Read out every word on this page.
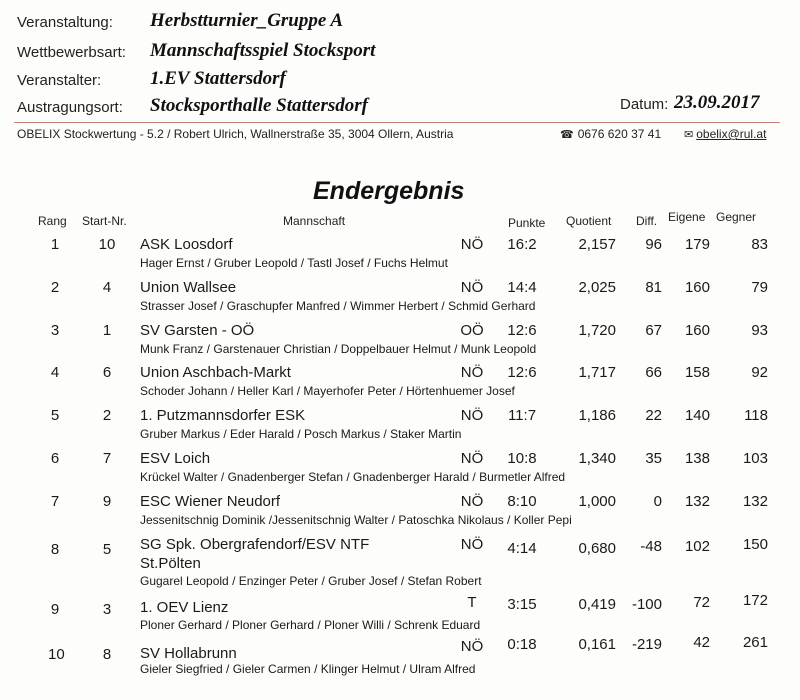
Veranstaltung: Herbstturnier_Gruppe A
Wettbewerbsart: Mannschaftsspiel Stocksport
Veranstalter:	1.EV Stattersdorf
Austragungsort: Stocksporthalle Stattersdorf	Datum: 23.09.2017
OBELIX Stockwertung - 5.2 / Robert Ulrich, Wallnerstraße 35, 3004 Ollern, Austria	☎ 0676 620 37 41 ✉ obelix@rul.at
Endergebnis
Rang Start-Nr.	Mannschaft	Punkte Quotient Diff. Eigene Gegner
1	10 ASK Loosdorf	NÖ	16:2	2,157	96	179	83
Hager Ernst / Gruber Leopold / Tastl Josef / Fuchs Helmut
2	4	Union Wallsee	NÖ	14:4	2,025	81	160	79
Strasser Josef / Graschupfer Manfred / Wimmer Herbert / Schmid Gerhard
3	1	SV Garsten - OÖ	OÖ	12:6	1,720	67	160	93
Munk Franz / Garstenauer Christian / Doppelbauer Helmut / Munk Leopold
4	6	Union Aschbach-Markt	NÖ	12:6	1,717	66	158	92
Schoder Johann / Heller Karl / Mayerhofer Peter / Hörtenhuemer Josef
5	2	1. Putzmannsdorfer ESK	NÖ	11:7	1,186	22	140	118
Gruber Markus / Eder Harald / Posch Markus / Staker Martin
6	7	ESV Loich	NÖ	10:8	1,340	35	138	103
Krückel Walter / Gnadenberger Stefan / Gnadenberger Harald / Burmetler Alfred
7	9	ESC Wiener Neudorf	NÖ	8:10	1,000	0	132	132
Jessenitschnig Dominik /Jessenitschnig Walter / Patoschka Nikolaus / Koller Pepi
8	5	SG Spk. Obergrafendorf/ESV NTF
St.Pölten
NÖ	4:14	0,680	-48	102	150
Gugarel Leopold / Enzinger Peter / Gruber Josef / Stefan Robert
9	3	1. OEV Lienz	T	3:15	0,419	-100	72	172
Ploner Gerhard / Ploner Gerhard / Ploner Willi / Schrenk Eduard
10	8	SV Hollabrunn	NÖ	0:18	0,161	-219	42	261
Gieler Siegfried / Gieler Carmen / Klinger Helmut / Ulram Alfred
